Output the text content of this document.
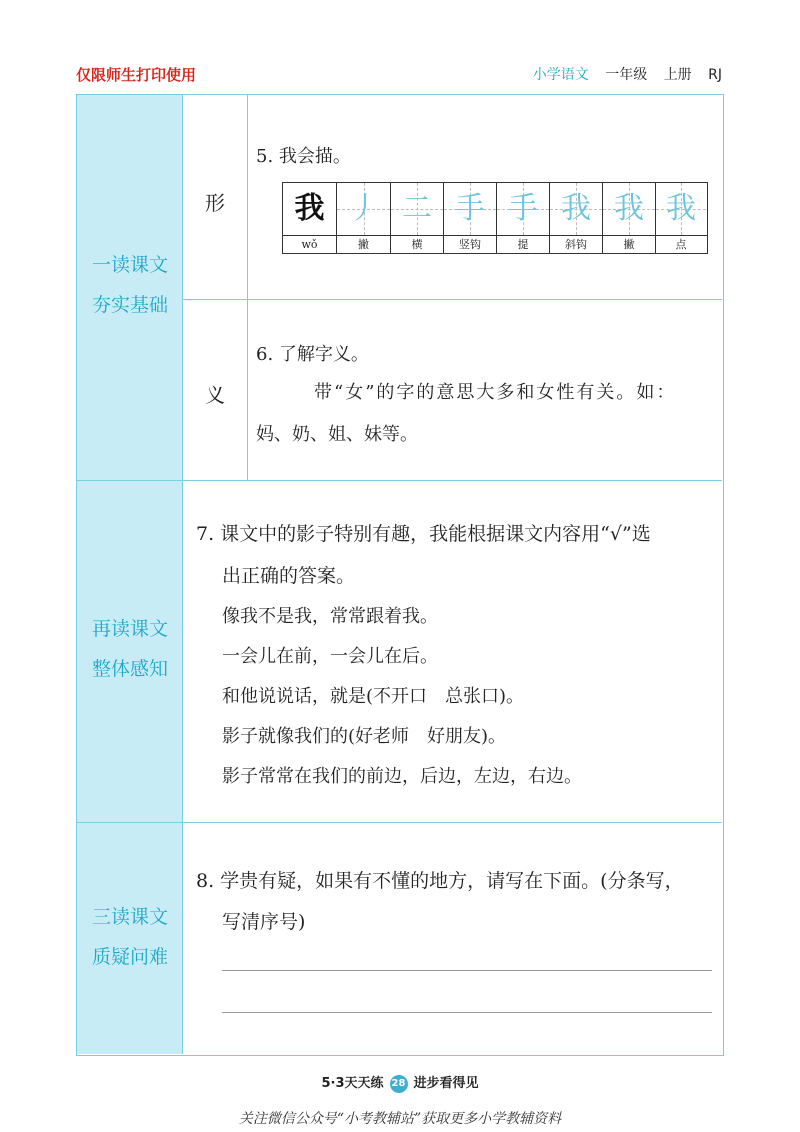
仅限师生打印使用	小学语文 一年级 上册 RJ
一读课文
夯实基础
再读课文
整体感知
三读课文
质疑问难
形
义
5. 我会描。
我 丿 二 手 手 我 我 我
wǒ	撇	横	竖钩	提	斜钩	撇	点
6. 了解字义。
带“女”的字的意思大多和女性有关。如：
妈、奶、姐、妹等。
7. 课文中的影子特别有趣，我能根据课文内容用“√”选
出正确的答案。
像我不是我，常常跟着我。
一会儿在前，一会儿在后。
和他说说话，就是(不开口　总张口)。
影子就像我们的(好老师　好朋友)。
影子常常在我们的前边，后边，左边，右边。
8. 学贵有疑，如果有不懂的地方，请写在下面。(分条写，
写清序号)
5·3天天练 28 进步看得见
关注微信公众号“小考教辅站”获取更多小学教辅资料
